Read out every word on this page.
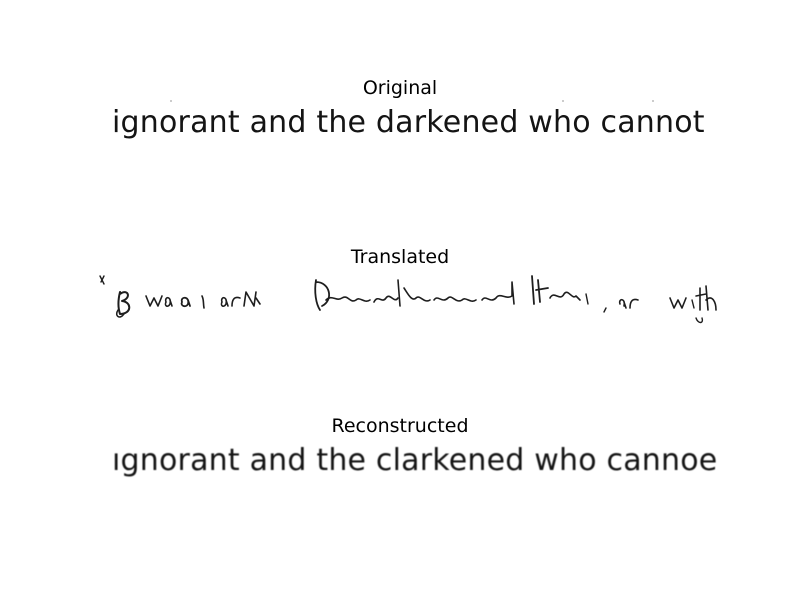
Original
ignorant and the darkened who cannot
Translated
Reconstructed
ıgnorant and the clarkened who cannoe
